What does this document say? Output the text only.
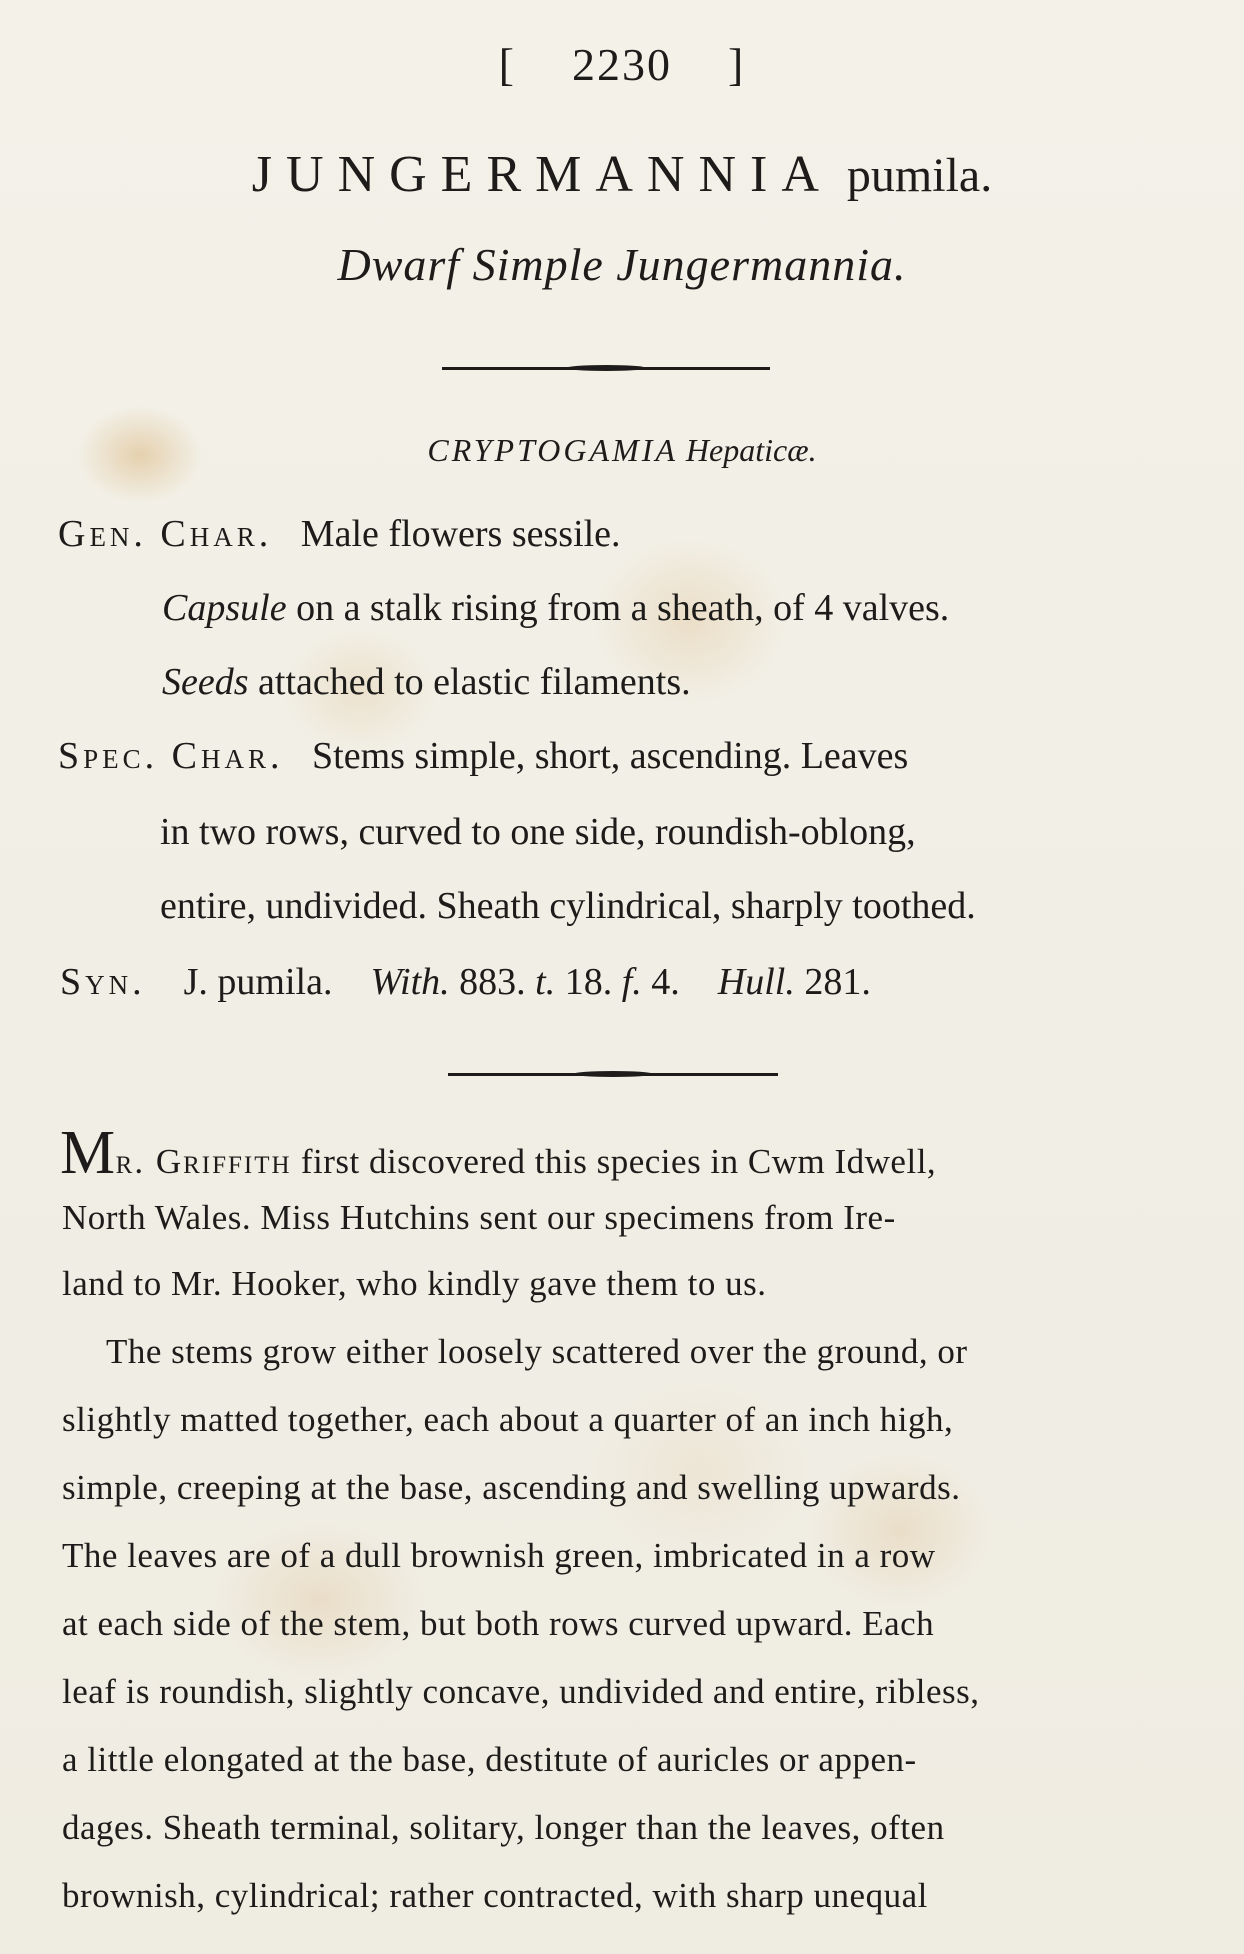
[ 2230 ]
JUNGERMANNIA pumila.
Dwarf Simple Jungermannia.
CRYPTOGAMIA Hepaticæ.
Gen. Char. Male flowers sessile.
Capsule on a stalk rising from a sheath, of 4 valves.
Seeds attached to elastic filaments.
Spec. Char. Stems simple, short, ascending. Leaves
in two rows, curved to one side, roundish-oblong,
entire, undivided. Sheath cylindrical, sharply toothed.
Syn. J. pumila. With. 883. t. 18. f. 4. Hull. 281.
Mr. Griffith first discovered this species in Cwm Idwell,
North Wales. Miss Hutchins sent our specimens from Ire-
land to Mr. Hooker, who kindly gave them to us.
The stems grow either loosely scattered over the ground, or
slightly matted together, each about a quarter of an inch high,
simple, creeping at the base, ascending and swelling upwards.
The leaves are of a dull brownish green, imbricated in a row
at each side of the stem, but both rows curved upward. Each
leaf is roundish, slightly concave, undivided and entire, ribless,
a little elongated at the base, destitute of auricles or appen-
dages. Sheath terminal, solitary, longer than the leaves, often
brownish, cylindrical; rather contracted, with sharp unequal
